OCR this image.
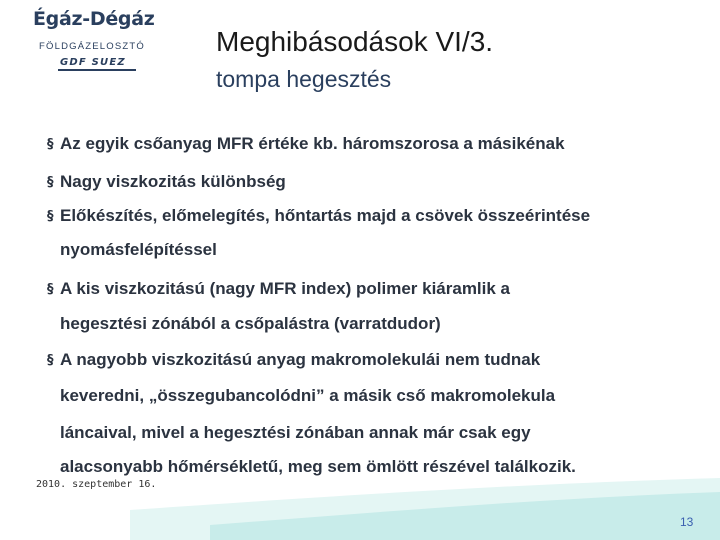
Égáz-Dégáz
FÖLDGÁZELOSZTÓ
GDF SUEZ
Meghibásodások VI/3.
tompa hegesztés
§ Az egyik csőanyag MFR értéke kb. háromszorosa a másikénak
§ Nagy viszkozitás különbség
§ Előkészítés, előmelegítés, hőntartás majd a csövek összeérintése
nyomásfelépítéssel
§ A kis viszkozitású (nagy MFR index) polimer kiáramlik a
hegesztési zónából a csőpalástra (varratdudor)
§ A nagyobb viszkozitású anyag makromolekulái nem tudnak
keveredni, „összegubancolódni” a másik cső makromolekula
láncaival, mivel a hegesztési zónában annak már csak egy
alacsonyabb hőmérsékletű, meg sem ömlött részével találkozik.
2010. szeptember 16.
13
